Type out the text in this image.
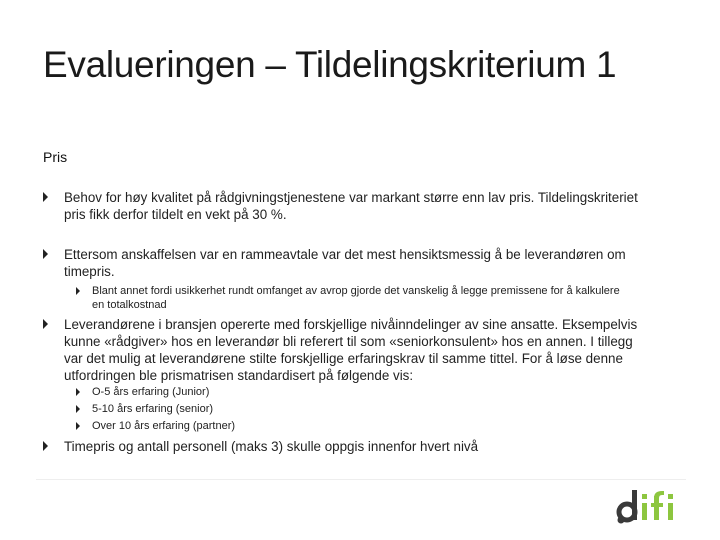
Evalueringen – Tildelingskriterium 1
Pris
Behov for høy kvalitet på rådgivningstjenestene var markant større enn lav pris. Tildelingskriteriet
pris fikk derfor tildelt en vekt på 30 %.
Ettersom anskaffelsen var en rammeavtale var det mest hensiktsmessig å be leverandøren om
timepris.
Blant annet fordi usikkerhet rundt omfanget av avrop gjorde det vanskelig å legge premissene for å kalkulere
en totalkostnad
Leverandørene i bransjen opererte med forskjellige nivåinndelinger av sine ansatte. Eksempelvis
kunne «rådgiver» hos en leverandør bli referert til som «seniorkonsulent» hos en annen. I tillegg
var det mulig at leverandørene stilte forskjellige erfaringskrav til samme tittel. For å løse denne
utfordringen ble prismatrisen standardisert på følgende vis:
O-5 års erfaring (Junior)
5-10 års erfaring (senior)
Over 10 års erfaring (partner)
Timepris og antall personell (maks 3) skulle oppgis innenfor hvert nivå
